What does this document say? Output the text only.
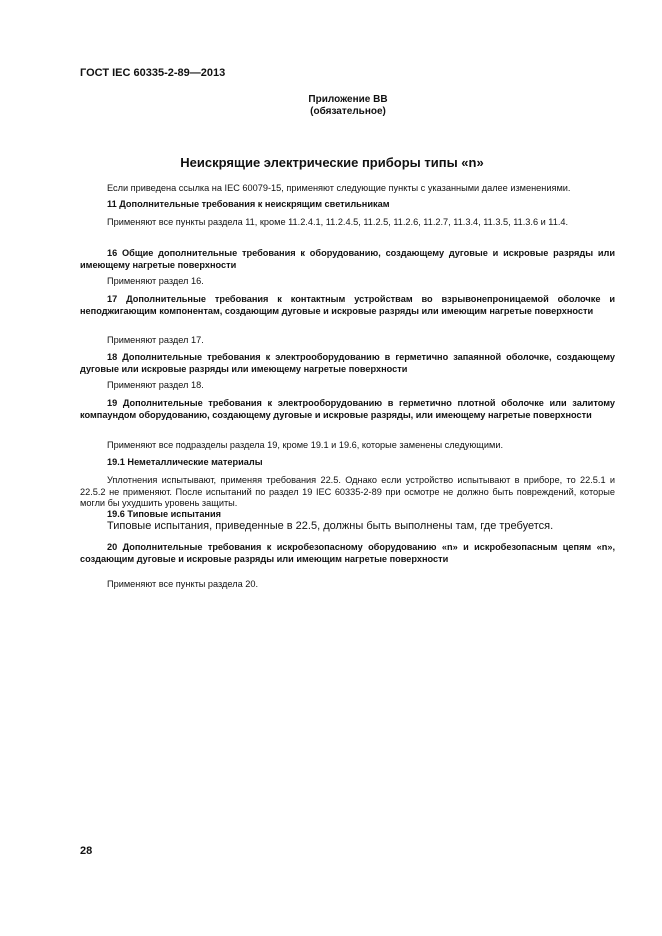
ГОСТ IEC 60335-2-89—2013
Приложение ВВ
(обязательное)
Неискрящие электрические приборы типы «n»
Если приведена ссылка на IEC 60079-15, применяют следующие пункты с указанными далее изменениями.
11 Дополнительные требования к неискрящим светильникам
Применяют все пункты раздела 11, кроме 11.2.4.1, 11.2.4.5, 11.2.5, 11.2.6, 11.2.7, 11.3.4, 11.3.5, 11.3.6 и 11.4.
16 Общие дополнительные требования к оборудованию, создающему дуговые и искровые разряды или имеющему нагретые поверхности
Применяют раздел 16.
17 Дополнительные требования к контактным устройствам во взрывонепроницаемой оболочке и неподжигающим компонентам, создающим дуговые и искровые разряды или имеющим нагретые поверхности
Применяют раздел 17.
18 Дополнительные требования к электрооборудованию в герметично запаянной оболочке, создающему дуговые или искровые разряды или имеющему нагретые поверхности
Применяют раздел 18.
19 Дополнительные требования к электрооборудованию в герметично плотной оболочке или залитому компаундом оборудованию, создающему дуговые и искровые разряды, или имеющему нагретые поверхности
Применяют все подразделы раздела 19, кроме 19.1 и 19.6, которые заменены следующими.
19.1 Неметаллические материалы
Уплотнения испытывают, применяя требования 22.5. Однако если устройство испытывают в приборе, то 22.5.1 и 22.5.2 не применяют. После испытаний по раздел 19 IEC 60335-2-89 при осмотре не должно быть повреждений, которые могли бы ухудшить уровень защиты.
19.6 Типовые испытания
Типовые испытания, приведенные в 22.5, должны быть выполнены там, где требуется.
20 Дополнительные требования к искробезопасному оборудованию «n» и искробезопасным цепям «n», создающим дуговые и искровые разряды или имеющим нагретые поверхности
Применяют все пункты раздела 20.
28
